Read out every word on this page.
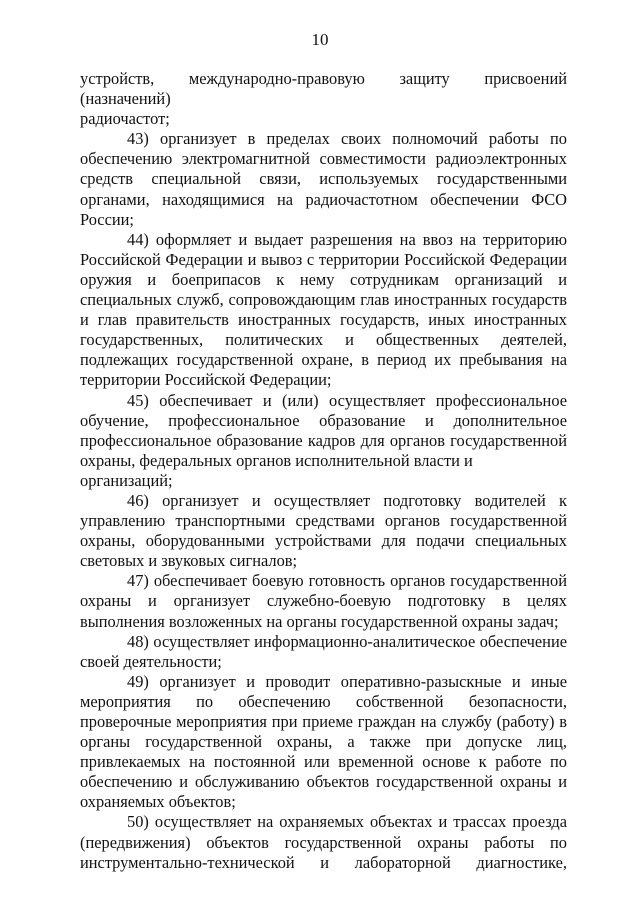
10

устройств, международно-правовую защиту присвоений (назначений)
радиочастот;

43) организует в пределах своих полномочий работы по
обеспечению электромагнитной совместимости радиоэлектронных
средств специальной связи, используемых государственными
органами, находящимися на радиочастотном обеспечении ФСО
России;

44) оформляет и выдает разрешения на ввоз на территорию
Российской Федерации и вывоз с территории Российской Федерации
оружия и боеприпасов к нему сотрудникам организаций и
специальных служб, сопровождающим глав иностранных государств
и глав правительств иностранных государств, иных иностранных
государственных, политических и общественных деятелей,
подлежащих государственной охране, в период их пребывания на
территории Российской Федерации;

45) обеспечивает и (или) осуществляет профессиональное
обучение, профессиональное образование и дополнительное
профессиональное образование кадров для органов государственной
охраны, федеральных органов исполнительной власти и организаций;

46) организует и осуществляет подготовку водителей к
управлению транспортными средствами органов государственной
охраны, оборудованными устройствами для подачи специальных
световых и звуковых сигналов;

47) обеспечивает боевую готовность органов государственной
охраны и организует служебно-боевую подготовку в целях
выполнения возложенных на органы государственной охраны задач;

48) осуществляет информационно-аналитическое обеспечение
своей деятельности;

49) организует и проводит оперативно-разыскные и иные
мероприятия по обеспечению собственной безопасности,
проверочные мероприятия при приеме граждан на службу (работу) в
органы государственной охраны, а также при допуске лиц,
привлекаемых на постоянной или временной основе к работе по
обеспечению и обслуживанию объектов государственной охраны и
охраняемых объектов;

50) осуществляет на охраняемых объектах и трассах проезда
(передвижения) объектов государственной охраны работы по
инструментально-технической и лабораторной диагностике,
